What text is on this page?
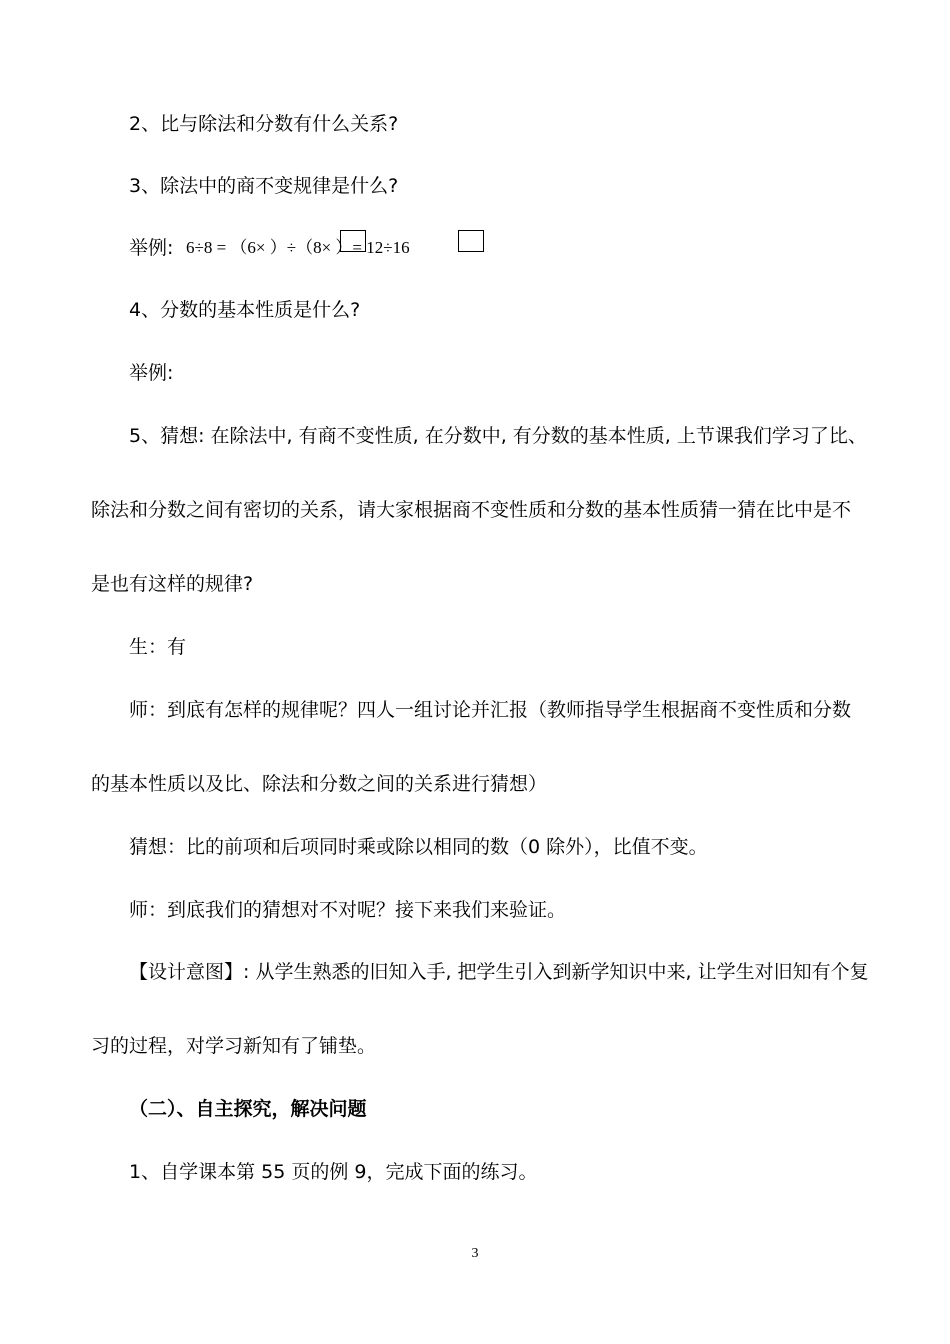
2、比与除法和分数有什么关系?
3、除法中的商不变规律是什么?
举例: 6÷8 = （6× ）÷（8× ）= 12÷16
4、分数的基本性质是什么?
举例:
5、猜想: 在除法中, 有商不变性质, 在分数中, 有分数的基本性质, 上节课我们学习了比、
除法和分数之间有密切的关系，请大家根据商不变性质和分数的基本性质猜一猜在比中是不
是也有这样的规律?
生：有
师：到底有怎样的规律呢？四人一组讨论并汇报（教师指导学生根据商不变性质和分数
的基本性质以及比、除法和分数之间的关系进行猜想）
猜想：比的前项和后项同时乘或除以相同的数（0 除外），比值不变。
师：到底我们的猜想对不对呢？接下来我们来验证。
【设计意图】: 从学生熟悉的旧知入手, 把学生引入到新学知识中来, 让学生对旧知有个复
习的过程，对学习新知有了铺垫。
（二）、自主探究，解决问题
1、自学课本第 55 页的例 9，完成下面的练习。
3
